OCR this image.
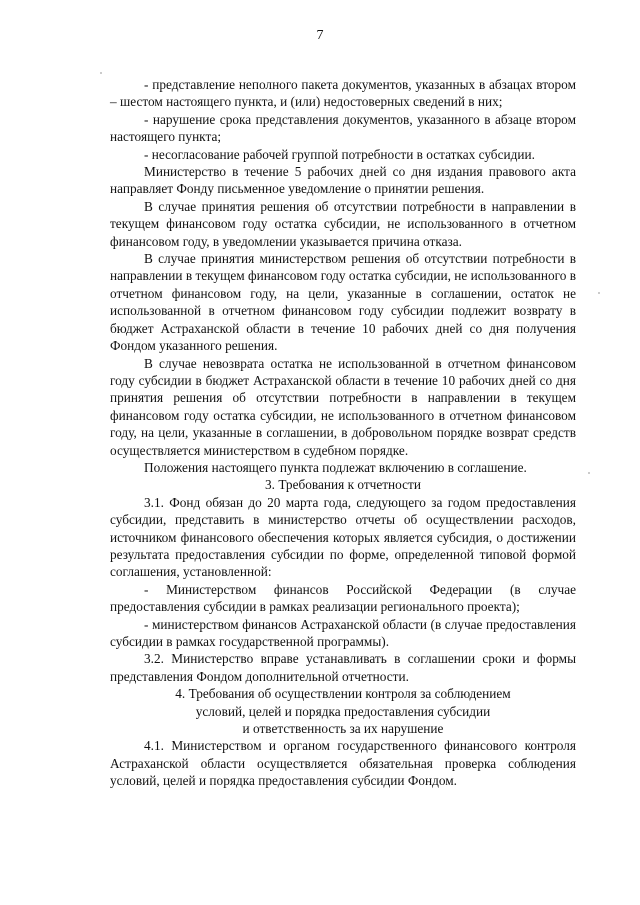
7

- представление неполного пакета документов, указанных в абзацах втором – шестом настоящего пункта, и (или) недостоверных сведений в них;

- нарушение срока представления документов, указанного в абзаце втором настоящего пункта;

- несогласование рабочей группой потребности в остатках субсидии.

Министерство в течение 5 рабочих дней со дня издания правового акта направляет Фонду письменное уведомление о принятии решения.

В случае принятия решения об отсутствии потребности в направлении в текущем финансовом году остатка субсидии, не использованного в отчетном финансовом году, в уведомлении указывается причина отказа.

В случае принятия министерством решения об отсутствии потребности в направлении в текущем финансовом году остатка субсидии, не использованного в отчетном финансовом году, на цели, указанные в соглашении, остаток не использованной в отчетном финансовом году субсидии подлежит возврату в бюджет Астраханской области в течение 10 рабочих дней со дня получения Фондом указанного решения.

В случае невозврата остатка не использованной в отчетном финансовом году субсидии в бюджет Астраханской области в течение 10 рабочих дней со дня принятия решения об отсутствии потребности в направлении в текущем финансовом году остатка субсидии, не использованного в отчетном финансовом году, на цели, указанные в соглашении, в добровольном порядке возврат средств осуществляется министерством в судебном порядке.

Положения настоящего пункта подлежат включению в соглашение.

3. Требования к отчетности

3.1. Фонд обязан до 20 марта года, следующего за годом предоставления субсидии, представить в министерство отчеты об осуществлении расходов, источником финансового обеспечения которых является субсидия, о достижении результата предоставления субсидии по форме, определенной типовой формой соглашения, установленной:

- Министерством финансов Российской Федерации (в случае предоставления субсидии в рамках реализации регионального проекта);

- министерством финансов Астраханской области (в случае предоставления субсидии в рамках государственной программы).

3.2. Министерство вправе устанавливать в соглашении сроки и формы представления Фондом дополнительной отчетности.

4. Требования об осуществлении контроля за соблюдением
условий, целей и порядка предоставления субсидии
и ответственность за их нарушение

4.1. Министерством и органом государственного финансового контроля Астраханской области осуществляется обязательная проверка соблюдения условий, целей и порядка предоставления субсидии Фондом.
